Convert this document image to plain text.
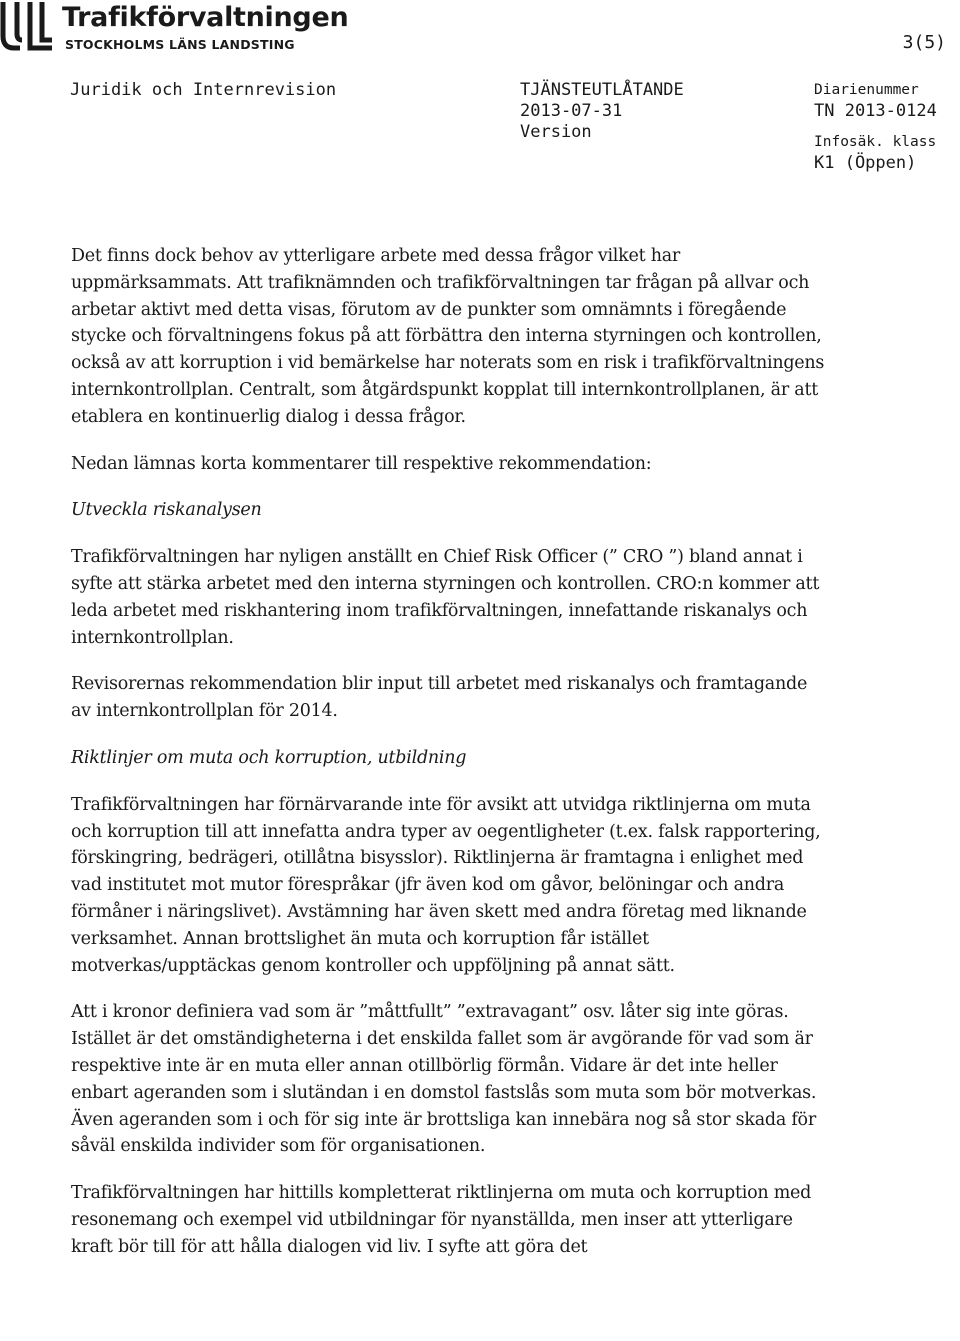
Trafikförvaltningen
STOCKHOLMS LÄNS LANDSTING	3(5)
Juridik och Internrevision	TJÄNSTEUTLÅTANDE
2013-07-31
Version
Diarienummer
TN 2013-0124
Infosäk. klass
K1 (Öppen)

Det finns dock behov av ytterligare arbete med dessa frågor vilket har uppmärksammats. Att trafiknämnden och trafikförvaltningen tar frågan på allvar och arbetar aktivt med detta visas, förutom av de punkter som omnämnts i föregående stycke och förvaltningens fokus på att förbättra den interna styrningen och kontrollen, också av att korruption i vid bemärkelse har noterats som en risk i trafikförvaltningens internkontrollplan. Centralt, som åtgärdspunkt kopplat till internkontrollplanen, är att etablera en kontinuerlig dialog i dessa frågor.

Nedan lämnas korta kommentarer till respektive rekommendation:

Utveckla riskanalysen

Trafikförvaltningen har nyligen anställt en Chief Risk Officer (” CRO ”) bland annat i syfte att stärka arbetet med den interna styrningen och kontrollen. CRO:n kommer att leda arbetet med riskhantering inom trafikförvaltningen, innefattande riskanalys och internkontrollplan.

Revisorernas rekommendation blir input till arbetet med riskanalys och framtagande av internkontrollplan för 2014.

Riktlinjer om muta och korruption, utbildning

Trafikförvaltningen har förnärvarande inte för avsikt att utvidga riktlinjerna om muta och korruption till att innefatta andra typer av oegentligheter (t.ex. falsk rapportering, förskingring, bedrägeri, otillåtna bisysslor). Riktlinjerna är framtagna i enlighet med vad institutet mot mutor förespråkar (jfr även kod om gåvor, belöningar och andra förmåner i näringslivet). Avstämning har även skett med andra företag med liknande verksamhet. Annan brottslighet än muta och korruption får istället motverkas/upptäckas genom kontroller och uppföljning på annat sätt.

Att i kronor definiera vad som är ”måttfullt” ”extravagant” osv. låter sig inte göras. Istället är det omständigheterna i det enskilda fallet som är avgörande för vad som är respektive inte är en muta eller annan otillbörlig förmån. Vidare är det inte heller enbart ageranden som i slutändan i en domstol fastslås som muta som bör motverkas. Även ageranden som i och för sig inte är brottsliga kan innebära nog så stor skada för såväl enskilda individer som för organisationen.

Trafikförvaltningen har hittills kompletterat riktlinjerna om muta och korruption med resonemang och exempel vid utbildningar för nyanställda, men inser att ytterligare kraft bör till för att hålla dialogen vid liv. I syfte att göra det
